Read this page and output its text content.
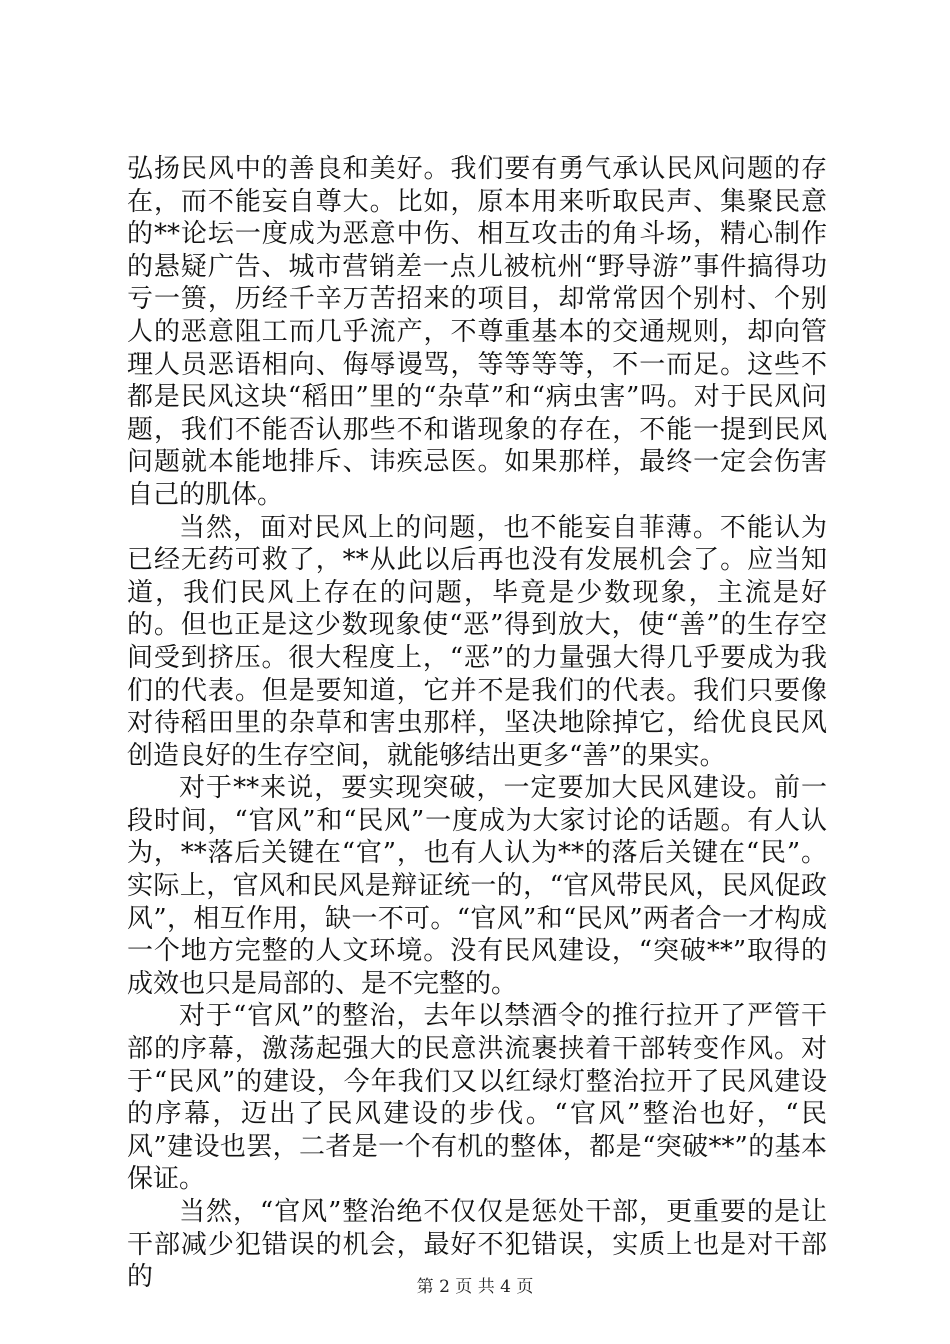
弘扬民风中的善良和美好。我们要有勇气承认民风问题的存在，而不能妄自尊大。比如，原本用来听取民声、集聚民意的**论坛一度成为恶意中伤、相互攻击的角斗场，精心制作的悬疑广告、城市营销差一点儿被杭州“野导游”事件搞得功亏一篑，历经千辛万苦招来的项目，却常常因个别村、个别人的恶意阻工而几乎流产，不尊重基本的交通规则，却向管理人员恶语相向、侮辱谩骂，等等等等，不一而足。这些不都是民风这块“稻田”里的“杂草”和“病虫害”吗。对于民风问题，我们不能否认那些不和谐现象的存在，不能一提到民风问题就本能地排斥、讳疾忌医。如果那样，最终一定会伤害自己的肌体。

当然，面对民风上的问题，也不能妄自菲薄。不能认为已经无药可救了，**从此以后再也没有发展机会了。应当知道，我们民风上存在的问题，毕竟是少数现象，主流是好的。但也正是这少数现象使“恶”得到放大，使“善”的生存空间受到挤压。很大程度上，“恶”的力量强大得几乎要成为我们的代表。但是要知道，它并不是我们的代表。我们只要像对待稻田里的杂草和害虫那样，坚决地除掉它，给优良民风创造良好的生存空间，就能够结出更多“善”的果实。

对于**来说，要实现突破，一定要加大民风建设。前一段时间，“官风”和“民风”一度成为大家讨论的话题。有人认为，**落后关键在“官”，也有人认为**的落后关键在“民”。实际上，官风和民风是辩证统一的，“官风带民风，民风促政风”，相互作用，缺一不可。“官风”和“民风”两者合一才构成一个地方完整的人文环境。没有民风建设，“突破**”取得的成效也只是局部的、是不完整的。

对于“官风”的整治，去年以禁酒令的推行拉开了严管干部的序幕，激荡起强大的民意洪流裹挟着干部转变作风。对于“民风”的建设，今年我们又以红绿灯整治拉开了民风建设的序幕，迈出了民风建设的步伐。“官风”整治也好，“民风”建设也罢，二者是一个有机的整体，都是“突破**”的基本保证。

当然，“官风”整治绝不仅仅是惩处干部，更重要的是让干部减少犯错误的机会，最好不犯错误，实质上也是对干部的	第 2 页 共 4 页
